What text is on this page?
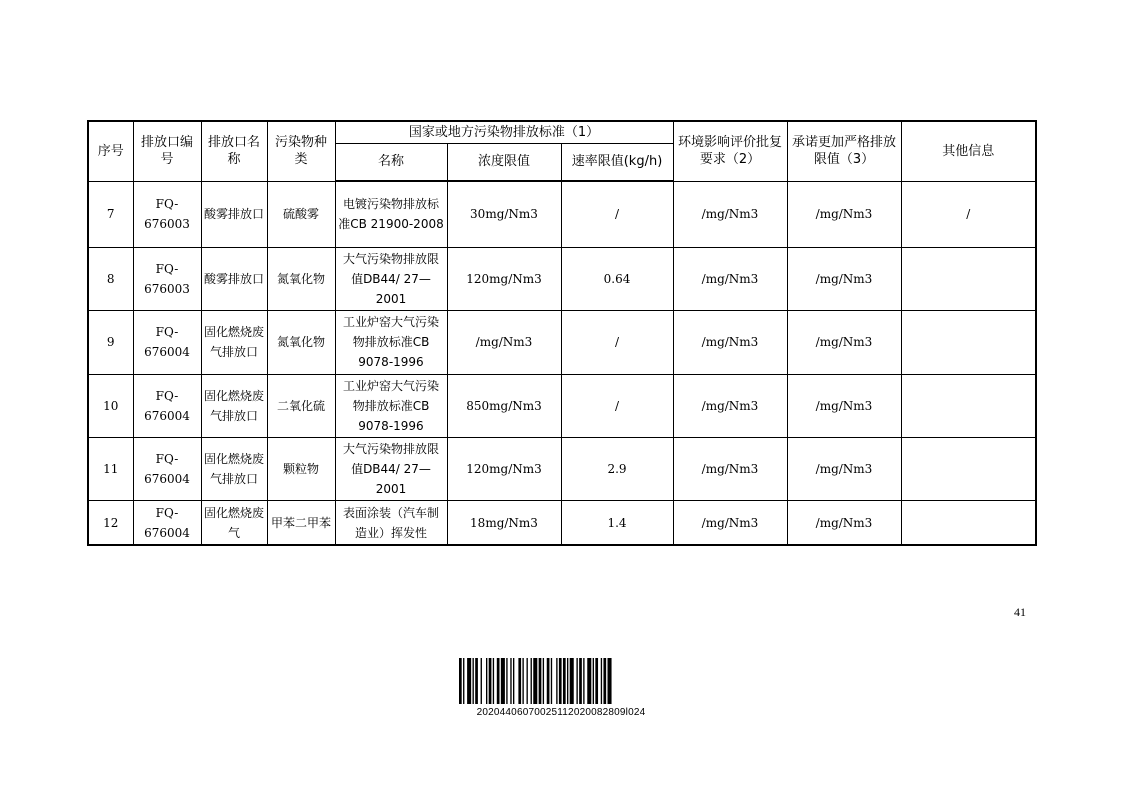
序号	排放口编号	排放口名称	污染物种类	国家或地方污染物排放标准（1）			环境影响评价批复要求（2）	承诺更加严格排放限值（3）	其他信息
				名称	浓度限值	速率限值(kg/h)			
7	FQ-676003	酸雾排放口	硫酸雾	电镀污染物排放标准CB 21900-2008	30mg/Nm3	/	/mg/Nm3	/mg/Nm3	/
8	FQ-676003	酸雾排放口	氮氧化物	大气污染物排放限值DB44/ 27—2001	120mg/Nm3	0.64	/mg/Nm3	/mg/Nm3	
9	FQ-676004	固化燃烧废气排放口	氮氧化物	工业炉窑大气污染物排放标准CB 9078-1996	/mg/Nm3	/	/mg/Nm3	/mg/Nm3	
10	FQ-676004	固化燃烧废气排放口	二氧化硫	工业炉窑大气污染物排放标准CB 9078-1996	850mg/Nm3	/	/mg/Nm3	/mg/Nm3	
11	FQ-676004	固化燃烧废气排放口	颗粒物	大气污染物排放限值DB44/ 27—2001	120mg/Nm3	2.9	/mg/Nm3	/mg/Nm3	
12	FQ-676004	固化燃烧废气	甲苯二甲苯	表面涂装（汽车制造业）挥发性	18mg/Nm3	1.4	/mg/Nm3	/mg/Nm3	
41
20204406070025112020082809l024
